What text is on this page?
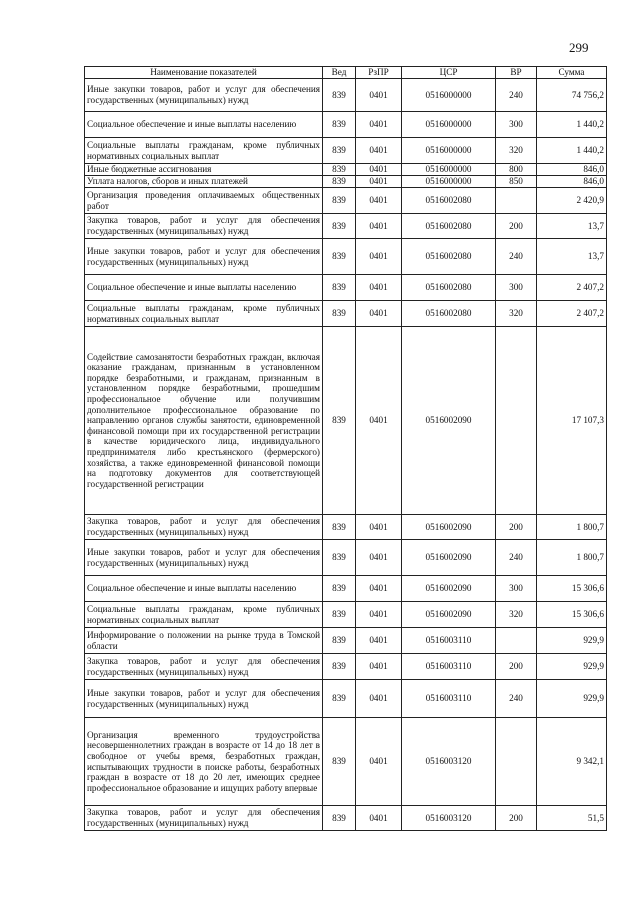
299
Наименование показателей	Вед	РзПР	ЦСР	ВР	Сумма
Иные закупки товаров, работ и услуг для обеспечения государственных (муниципальных) нужд	839	0401	0516000000	240	74 756,2
Социальное обеспечение и иные выплаты населению	839	0401	0516000000	300	1 440,2
Социальные выплаты гражданам, кроме публичных нормативных социальных выплат	839	0401	0516000000	320	1 440,2
Иные бюджетные ассигнования	839	0401	0516000000	800	846,0
Уплата налогов, сборов и иных платежей	839	0401	0516000000	850	846,0
Организация проведения оплачиваемых общественных работ	839	0401	0516002080		2 420,9
Закупка товаров, работ и услуг для обеспечения государственных (муниципальных) нужд	839	0401	0516002080	200	13,7
Иные закупки товаров, работ и услуг для обеспечения государственных (муниципальных) нужд	839	0401	0516002080	240	13,7
Социальное обеспечение и иные выплаты населению	839	0401	0516002080	300	2 407,2
Социальные выплаты гражданам, кроме публичных нормативных социальных выплат	839	0401	0516002080	320	2 407,2
Содействие самозанятости безработных граждан, включая оказание гражданам, признанным в установленном порядке безработными, и гражданам, признанным в установленном порядке безработными, прошедшим профессиональное обучение или получившим дополнительное профессиональное образование по направлению органов службы занятости, единовременной финансовой помощи при их государственной регистрации в качестве юридического лица, индивидуального предпринимателя либо крестьянского (фермерского) хозяйства, а также единовременной финансовой помощи на подготовку документов для соответствующей государственной регистрации	839	0401	0516002090		17 107,3
Закупка товаров, работ и услуг для обеспечения государственных (муниципальных) нужд	839	0401	0516002090	200	1 800,7
Иные закупки товаров, работ и услуг для обеспечения государственных (муниципальных) нужд	839	0401	0516002090	240	1 800,7
Социальное обеспечение и иные выплаты населению	839	0401	0516002090	300	15 306,6
Социальные выплаты гражданам, кроме публичных нормативных социальных выплат	839	0401	0516002090	320	15 306,6
Информирование о положении на рынке труда в Томской области	839	0401	0516003110		929,9
Закупка товаров, работ и услуг для обеспечения государственных (муниципальных) нужд	839	0401	0516003110	200	929,9
Иные закупки товаров, работ и услуг для обеспечения государственных (муниципальных) нужд	839	0401	0516003110	240	929,9
Организация временного трудоустройства несовершеннолетних граждан в возрасте от 14 до 18 лет в свободное от учебы время, безработных граждан, испытывающих трудности в поиске работы, безработных граждан в возрасте от 18 до 20 лет, имеющих среднее профессиональное образование и ищущих работу впервые	839	0401	0516003120		9 342,1
Закупка товаров, работ и услуг для обеспечения государственных (муниципальных) нужд	839	0401	0516003120	200	51,5
